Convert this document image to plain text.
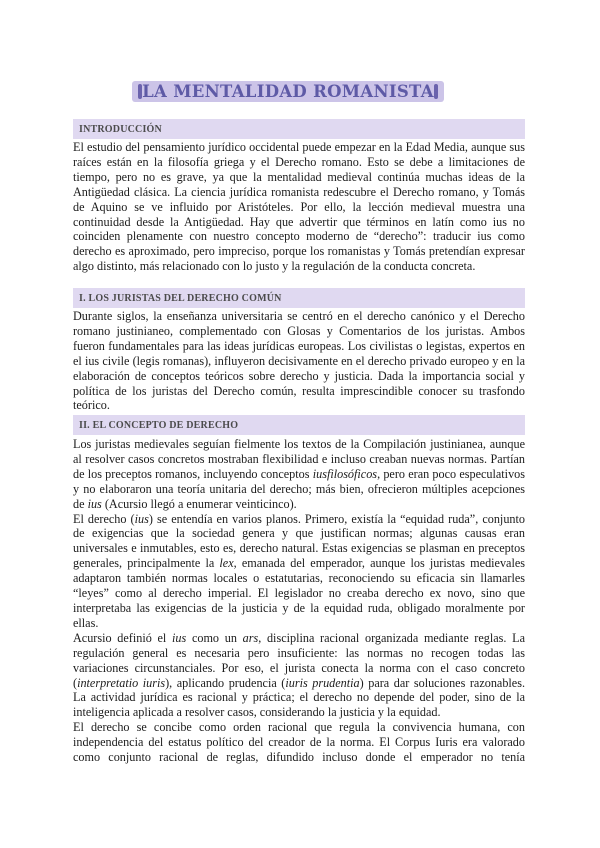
LA MENTALIDAD ROMANISTA
INTRODUCCIÓN

El estudio del pensamiento jurídico occidental puede empezar en la Edad Media, aunque sus raíces están en la filosofía griega y el Derecho romano. Esto se debe a limitaciones de tiempo, pero no es grave, ya que la mentalidad medieval continúa muchas ideas de la Antigüedad clásica. La ciencia jurídica romanista redescubre el Derecho romano, y Tomás de Aquino se ve influido por Aristóteles. Por ello, la lección medieval muestra una continuidad desde la Antigüedad. Hay que advertir que términos en latín como ius no coinciden plenamente con nuestro concepto moderno de “derecho”: traducir ius como derecho es aproximado, pero impreciso, porque los romanistas y Tomás pretendían expresar algo distinto, más relacionado con lo justo y la regulación de la conducta concreta.

I. LOS JURISTAS DEL DERECHO COMÚN

Durante siglos, la enseñanza universitaria se centró en el derecho canónico y el Derecho romano justinianeo, complementado con Glosas y Comentarios de los juristas. Ambos fueron fundamentales para las ideas jurídicas europeas. Los civilistas o legistas, expertos en el ius civile (legis romanas), influyeron decisivamente en el derecho privado europeo y en la elaboración de conceptos teóricos sobre derecho y justicia. Dada la importancia social y política de los juristas del Derecho común, resulta imprescindible conocer su trasfondo teórico.

II. EL CONCEPTO DE DERECHO

Los juristas medievales seguían fielmente los textos de la Compilación justinianea, aunque al resolver casos concretos mostraban flexibilidad e incluso creaban nuevas normas. Partían de los preceptos romanos, incluyendo conceptos iusfilosóficos, pero eran poco especulativos y no elaboraron una teoría unitaria del derecho; más bien, ofrecieron múltiples acepciones de ius (Acursio llegó a enumerar veinticinco).

El derecho (ius) se entendía en varios planos. Primero, existía la “equidad ruda”, conjunto de exigencias que la sociedad genera y que justifican normas; algunas causas eran universales e inmutables, esto es, derecho natural. Estas exigencias se plasman en preceptos generales, principalmente la lex, emanada del emperador, aunque los juristas medievales adaptaron también normas locales o estatutarias, reconociendo su eficacia sin llamarles “leyes” como al derecho imperial. El legislador no creaba derecho ex novo, sino que interpretaba las exigencias de la justicia y de la equidad ruda, obligado moralmente por ellas.

Acursio definió el ius como un ars, disciplina racional organizada mediante reglas. La regulación general es necesaria pero insuficiente: las normas no recogen todas las variaciones circunstanciales. Por eso, el jurista conecta la norma con el caso concreto (interpretatio iuris), aplicando prudencia (iuris prudentia) para dar soluciones razonables. La actividad jurídica es racional y práctica; el derecho no depende del poder, sino de la inteligencia aplicada a resolver casos, considerando la justicia y la equidad.

El derecho se concibe como orden racional que regula la convivencia humana, con independencia del estatus político del creador de la norma. El Corpus Iuris era valorado como conjunto racional de reglas, difundido incluso donde el emperador no tenía
